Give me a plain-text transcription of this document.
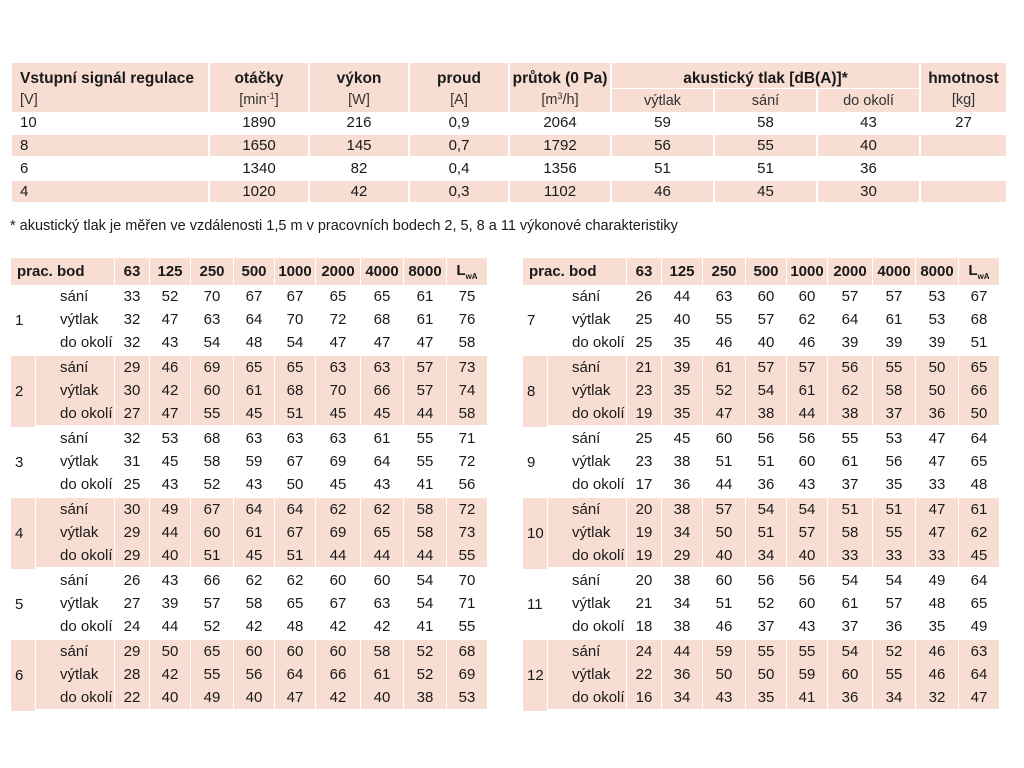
Vstupní signál regulace	otáčky	výkon	proud	průtok (0 Pa)	akustický tlak [dB(A)]*			hmotnost
[V]	$[\min^{-1}]$	[W]	[A]	$[m^3/h]$	výtlak	sání	do okolí	[kg]
10	1890	216	0,9	2064	59	58	43	27
8	1650	145	0,7	1792	56	55	40	
6	1340	82	0,4	1356	51	51	36	
4	1020	42	0,3	1102	46	45	30	
* akustický tlak je měřen ve vzdálenosti 1,5 m v pracovních bodech 2, 5, 8 a 11 výkonové charakteristiky
prac. bod		63	125	250	500	1000	2000	4000	8000	$L_{wA}$
1	sání	33	52	70	67	67	65	65	61	75
	výtlak	32	47	63	64	70	72	68	61	76
	do okolí	32	43	54	48	54	47	47	47	58
2	sání	29	46	69	65	65	63	63	57	73
	výtlak	30	42	60	61	68	70	66	57	74
	do okolí	27	47	55	45	51	45	45	44	58
3	sání	32	53	68	63	63	63	61	55	71
	výtlak	31	45	58	59	67	69	64	55	72
	do okolí	25	43	52	43	50	45	43	41	56
4	sání	30	49	67	64	64	62	62	58	72
	výtlak	29	44	60	61	67	69	65	58	73
	do okolí	29	40	51	45	51	44	44	44	55
5	sání	26	43	66	62	62	60	60	54	70
	výtlak	27	39	57	58	65	67	63	54	71
	do okolí	24	44	52	42	48	42	42	41	55
6	sání	29	50	65	60	60	60	58	52	68
	výtlak	28	42	55	56	64	66	61	52	69
	do okolí	22	40	49	40	47	42	40	38	53
prac. bod		63	125	250	500	1000	2000	4000	8000	$L_{wA}$
7	sání	26	44	63	60	60	57	57	53	67
	výtlak	25	40	55	57	62	64	61	53	68
	do okolí	25	35	46	40	46	39	39	39	51
8	sání	21	39	61	57	57	56	55	50	65
	výtlak	23	35	52	54	61	62	58	50	66
	do okolí	19	35	47	38	44	38	37	36	50
9	sání	25	45	60	56	56	55	53	47	64
	výtlak	23	38	51	51	60	61	56	47	65
	do okolí	17	36	44	36	43	37	35	33	48
10	sání	20	38	57	54	54	51	51	47	61
	výtlak	19	34	50	51	57	58	55	47	62
	do okolí	19	29	40	34	40	33	33	33	45
11	sání	20	38	60	56	56	54	54	49	64
	výtlak	21	34	51	52	60	61	57	48	65
	do okolí	18	38	46	37	43	37	36	35	49
12	sání	24	44	59	55	55	54	52	46	63
	výtlak	22	36	50	50	59	60	55	46	64
	do okolí	16	34	43	35	41	36	34	32	47
